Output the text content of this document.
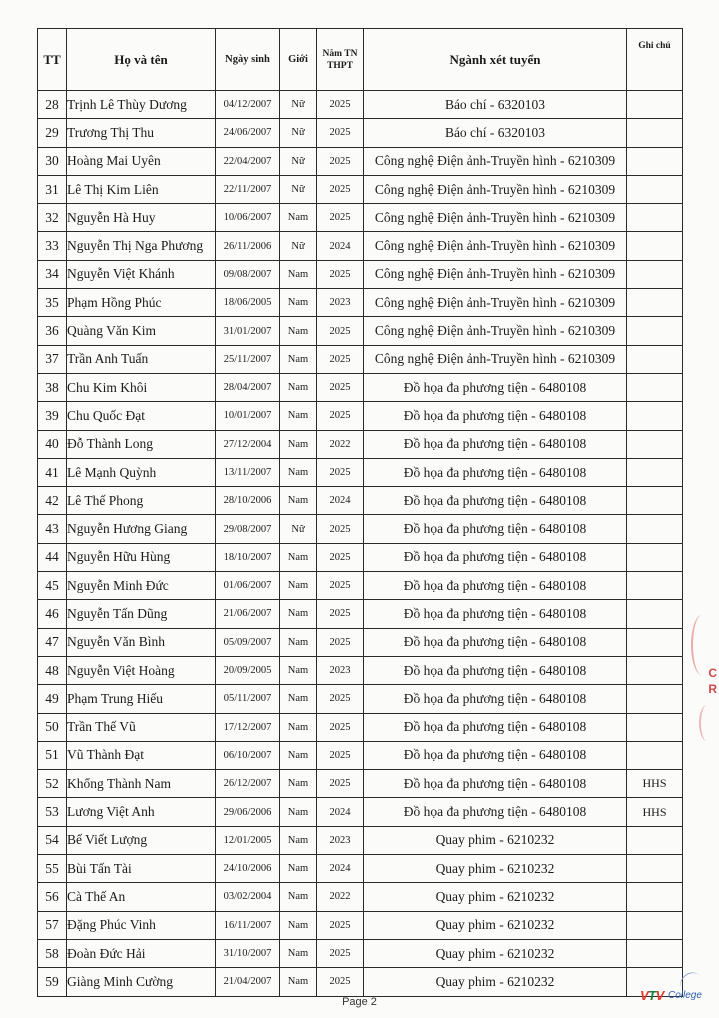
TT	Họ và tên	Ngày sinh	Giới	Năm TN THPT	Ngành xét tuyển	Ghi chú
28	Trịnh Lê Thùy Dương	04/12/2007	Nữ	2025	Báo chí - 6320103	
29	Trương Thị Thu	24/06/2007	Nữ	2025	Báo chí - 6320103	
30	Hoàng Mai Uyên	22/04/2007	Nữ	2025	Công nghệ Điện ảnh-Truyền hình - 6210309	
31	Lê Thị Kim Liên	22/11/2007	Nữ	2025	Công nghệ Điện ảnh-Truyền hình - 6210309	
32	Nguyễn Hà Huy	10/06/2007	Nam	2025	Công nghệ Điện ảnh-Truyền hình - 6210309	
33	Nguyễn Thị Nga Phương	26/11/2006	Nữ	2024	Công nghệ Điện ảnh-Truyền hình - 6210309	
34	Nguyễn Việt Khánh	09/08/2007	Nam	2025	Công nghệ Điện ảnh-Truyền hình - 6210309	
35	Phạm Hồng Phúc	18/06/2005	Nam	2023	Công nghệ Điện ảnh-Truyền hình - 6210309	
36	Quàng Văn Kim	31/01/2007	Nam	2025	Công nghệ Điện ảnh-Truyền hình - 6210309	
37	Trần Anh Tuấn	25/11/2007	Nam	2025	Công nghệ Điện ảnh-Truyền hình - 6210309	
38	Chu Kim Khôi	28/04/2007	Nam	2025	Đồ họa đa phương tiện - 6480108	
39	Chu Quốc Đạt	10/01/2007	Nam	2025	Đồ họa đa phương tiện - 6480108	
40	Đỗ Thành Long	27/12/2004	Nam	2022	Đồ họa đa phương tiện - 6480108	
41	Lê Mạnh Quỳnh	13/11/2007	Nam	2025	Đồ họa đa phương tiện - 6480108	
42	Lê Thế Phong	28/10/2006	Nam	2024	Đồ họa đa phương tiện - 6480108	
43	Nguyễn Hương Giang	29/08/2007	Nữ	2025	Đồ họa đa phương tiện - 6480108	
44	Nguyễn Hữu Hùng	18/10/2007	Nam	2025	Đồ họa đa phương tiện - 6480108	
45	Nguyễn Minh Đức	01/06/2007	Nam	2025	Đồ họa đa phương tiện - 6480108	
46	Nguyễn Tấn Dũng	21/06/2007	Nam	2025	Đồ họa đa phương tiện - 6480108	
47	Nguyễn Văn Bình	05/09/2007	Nam	2025	Đồ họa đa phương tiện - 6480108	
48	Nguyễn Việt Hoàng	20/09/2005	Nam	2023	Đồ họa đa phương tiện - 6480108	
49	Phạm Trung Hiếu	05/11/2007	Nam	2025	Đồ họa đa phương tiện - 6480108	
50	Trần Thế Vũ	17/12/2007	Nam	2025	Đồ họa đa phương tiện - 6480108	
51	Vũ Thành Đạt	06/10/2007	Nam	2025	Đồ họa đa phương tiện - 6480108	
52	Khổng Thành Nam	26/12/2007	Nam	2025	Đồ họa đa phương tiện - 6480108	HHS
53	Lương Việt Anh	29/06/2006	Nam	2024	Đồ họa đa phương tiện - 6480108	HHS
54	Bế Viết Lượng	12/01/2005	Nam	2023	Quay phim - 6210232	
55	Bùi Tấn Tài	24/10/2006	Nam	2024	Quay phim - 6210232	
56	Cà Thế An	03/02/2004	Nam	2022	Quay phim - 6210232	
57	Đặng Phúc Vinh	16/11/2007	Nam	2025	Quay phim - 6210232	
58	Đoàn Đức Hải	31/10/2007	Nam	2025	Quay phim - 6210232	
59	Giàng Minh Cường	21/04/2007	Nam	2025	Quay phim - 6210232	
Page 2
C
R
VTV College
